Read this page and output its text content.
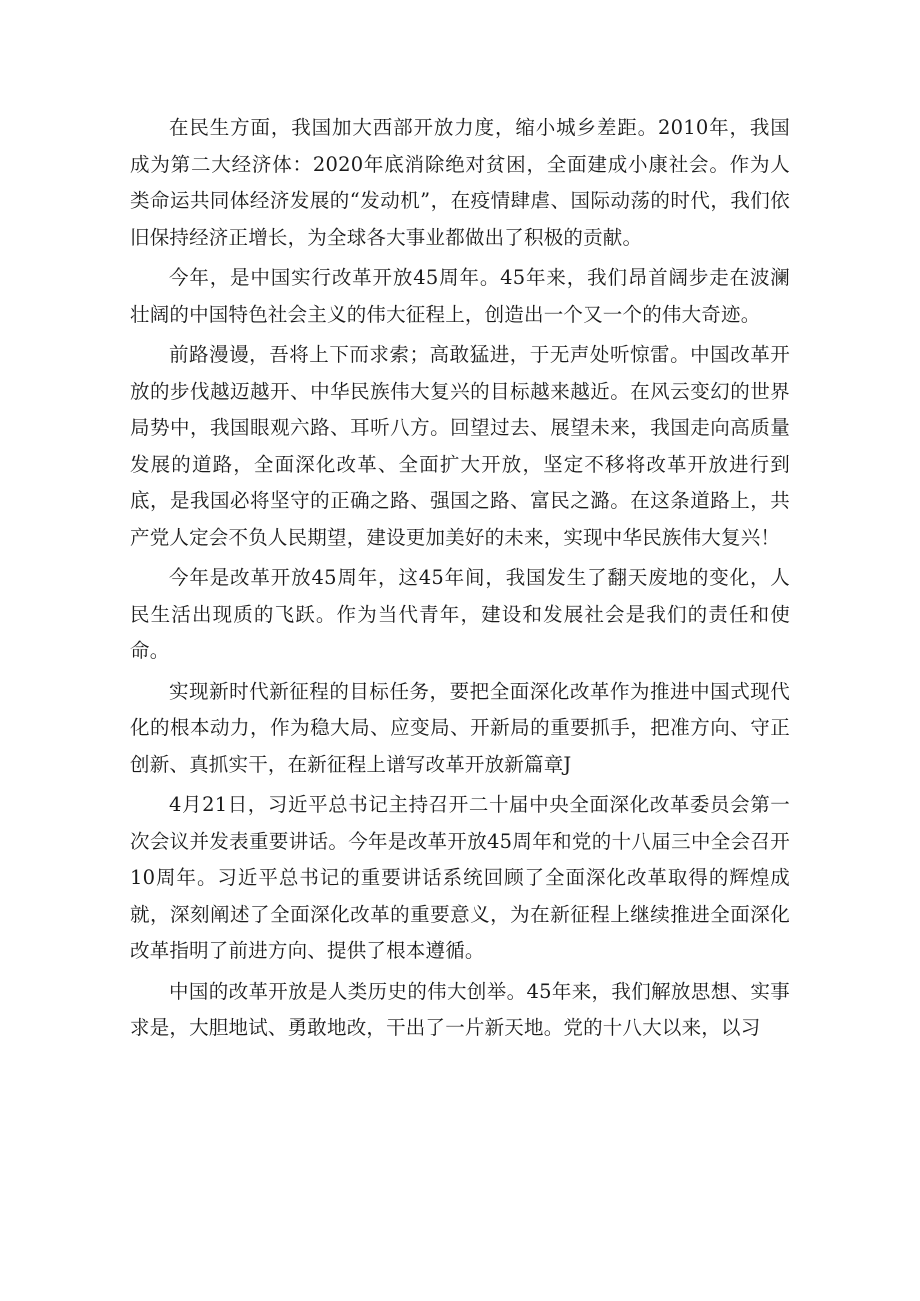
在民生方面，我国加大西部开放力度，缩小城乡差距。2010年，我国成为第二大经济体：2020年底消除绝对贫困，全面建成小康社会。作为人类命运共同体经济发展的“发动机”，在疫情肆虐、国际动荡的时代，我们依旧保持经济正增长，为全球各大事业都做出了积极的贡献。

今年，是中国实行改革开放45周年。45年来，我们昂首阔步走在波澜壮阔的中国特色社会主义的伟大征程上，创造出一个又一个的伟大奇迹。

前路漫谩，吾将上下而求索；高敢猛进，于无声处听惊雷。中国改革开放的步伐越迈越开、中华民族伟大复兴的目标越来越近。在风云变幻的世界局势中，我国眼观六路、耳听八方。回望过去、展望未来，我国走向高质量发展的道路，全面深化改革、全面扩大开放，坚定不移将改革开放进行到底，是我国必将坚守的正确之路、强国之路、富民之潞。在这条道路上，共产党人定会不负人民期望，建设更加美好的未来，实现中华民族伟大复兴！

今年是改革开放45周年，这45年间，我国发生了翻天废地的变化，人民生活出现质的飞跃。作为当代青年，建设和发展社会是我们的责任和使命。

实现新时代新征程的目标任务，要把全面深化改革作为推进中国式现代化的根本动力，作为稳大局、应变局、开新局的重要抓手，把准方向、守正创新、真抓实干，在新征程上谱写改革开放新篇章J

4月21日，习近平总书记主持召开二十届中央全面深化改革委员会第一次会议并发表重要讲话。今年是改革开放45周年和党的十八届三中全会召开10周年。习近平总书记的重要讲话系统回顾了全面深化改革取得的辉煌成就，深刻阐述了全面深化改革的重要意义，为在新征程上继续推进全面深化改革指明了前进方向、提供了根本遵循。

中国的改革开放是人类历史的伟大创举。45年来，我们解放思想、实事求是，大胆地试、勇敢地改，干出了一片新天地。党的十八大以来，以习
